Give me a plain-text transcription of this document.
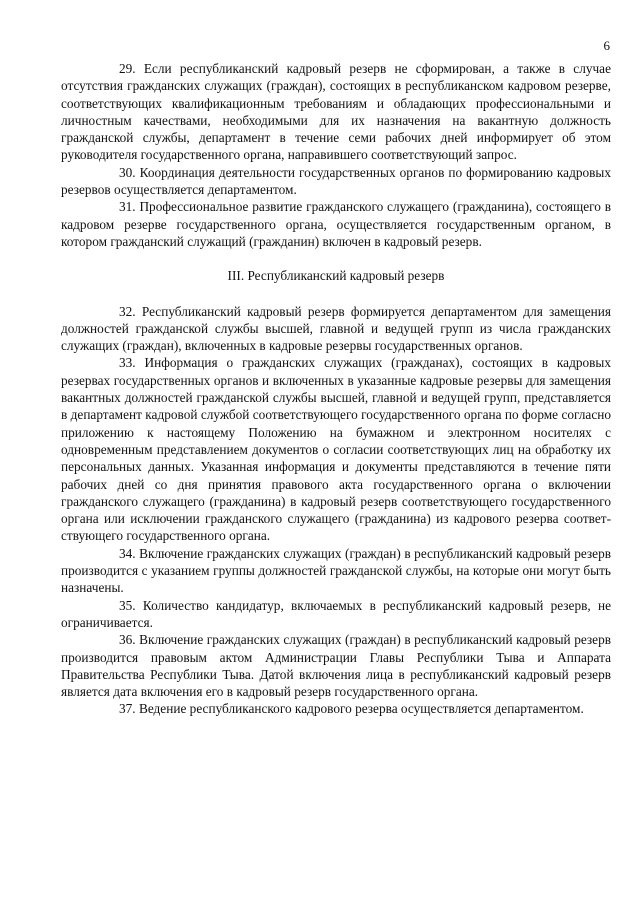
6

29. Если республиканский кадровый резерв не сформирован, а также в случае отсутствия гражданских служащих (граждан), состоящих в республиканском кадровом резерве, соответствующих квалификационным требованиям и обладающих профессиональными и личностным качествами, необходимыми для их назначения на вакантную должность гражданской службы, департамент в течение семи рабочих дней информирует об этом руководителя государственного органа, направившего соответствующий запрос.

30. Координация деятельности государственных органов по формированию кадровых резервов осуществляется департаментом.

31. Профессиональное развитие гражданского служащего (гражданина), состоящего в кадровом резерве государственного органа, осуществляется государственным органом, в котором гражданский служащий (гражданин) включен в кадровый резерв.

III. Республиканский кадровый резерв

32. Республиканский кадровый резерв формируется департаментом для замещения должностей гражданской службы высшей, главной и ведущей групп из числа гражданских служащих (граждан), включенных в кадровые резервы государственных органов.

33. Информация о гражданских служащих (гражданах), состоящих в кадровых резервах государственных органов и включенных в указанные кадровые резервы для замещения вакантных должностей гражданской службы высшей, главной и ведущей групп, представляется в департамент кадровой службой соответствующего государственного органа по форме согласно приложению к настоящему Положению на бумажном и электронном носителях с одновременным представлением документов о согласии соответствующих лиц на обработку их персональных данных. Указанная информация и документы представляются в течение пяти рабочих дней со дня принятия правового акта государственного органа о включении гражданского служащего (гражданина) в кадровый резерв соответствующего государственного органа или исключении гражданского служащего (гражданина) из кадрового резерва соответствующего государственного органа.

34. Включение гражданских служащих (граждан) в республиканский кадровый резерв производится с указанием группы должностей гражданской службы, на которые они могут быть назначены.

35. Количество кандидатур, включаемых в республиканский кадровый резерв, не ограничивается.

36. Включение гражданских служащих (граждан) в республиканский кадровый резерв производится правовым актом Администрации Главы Республики Тыва и Аппарата Правительства Республики Тыва. Датой включения лица в республиканский кадровый резерв является дата включения его в кадровый резерв государственного органа.

37. Ведение республиканского кадрового резерва осуществляется департаментом.
